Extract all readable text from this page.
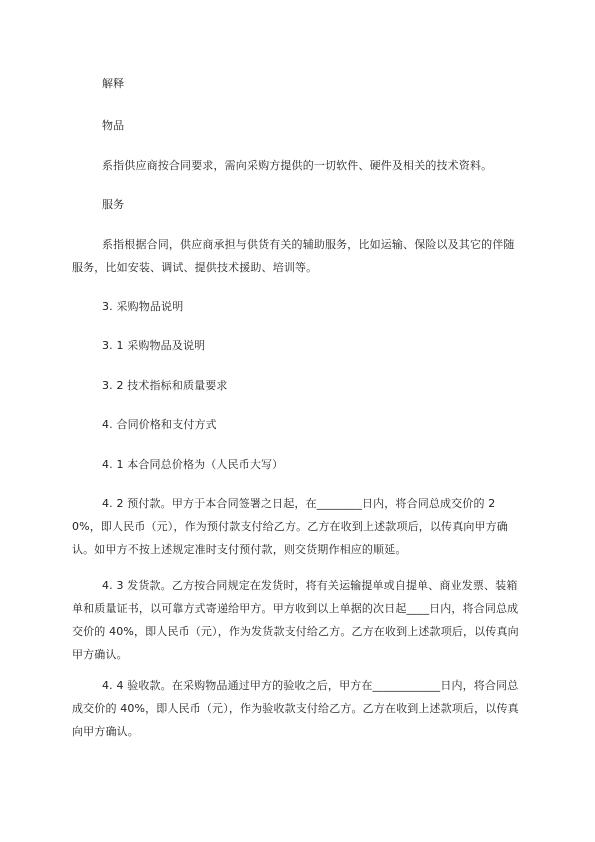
解释

物品

系指供应商按合同要求，需向采购方提供的一切软件、硬件及相关的技术资料。

服务

系指根据合同，供应商承担与供货有关的辅助服务，比如运输、保险以及其它的伴随服务，比如安装、调试、提供技术援助、培训等。

3. 采购物品说明

3. 1 采购物品及说明

3. 2 技术指标和质量要求

4. 合同价格和支付方式

4. 1 本合同总价格为（人民币大写）

4. 2 预付款。甲方于本合同签署之日起，在________日内，将合同总成交价的 20%，即人民币（元），作为预付款支付给乙方。乙方在收到上述款项后，以传真向甲方确认。如甲方不按上述规定准时支付预付款，则交货期作相应的顺延。

4. 3 发货款。乙方按合同规定在发货时，将有关运输提单或自提单、商业发票、装箱单和质量证书，以可靠方式寄递给甲方。甲方收到以上单据的次日起____日内，将合同总成交价的 40%，即人民币（元），作为发货款支付给乙方。乙方在收到上述款项后，以传真向甲方确认。

4. 4 验收款。在采购物品通过甲方的验收之后，甲方在____________日内，将合同总成交价的 40%，即人民币（元），作为验收款支付给乙方。乙方在收到上述款项后，以传真向甲方确认。
